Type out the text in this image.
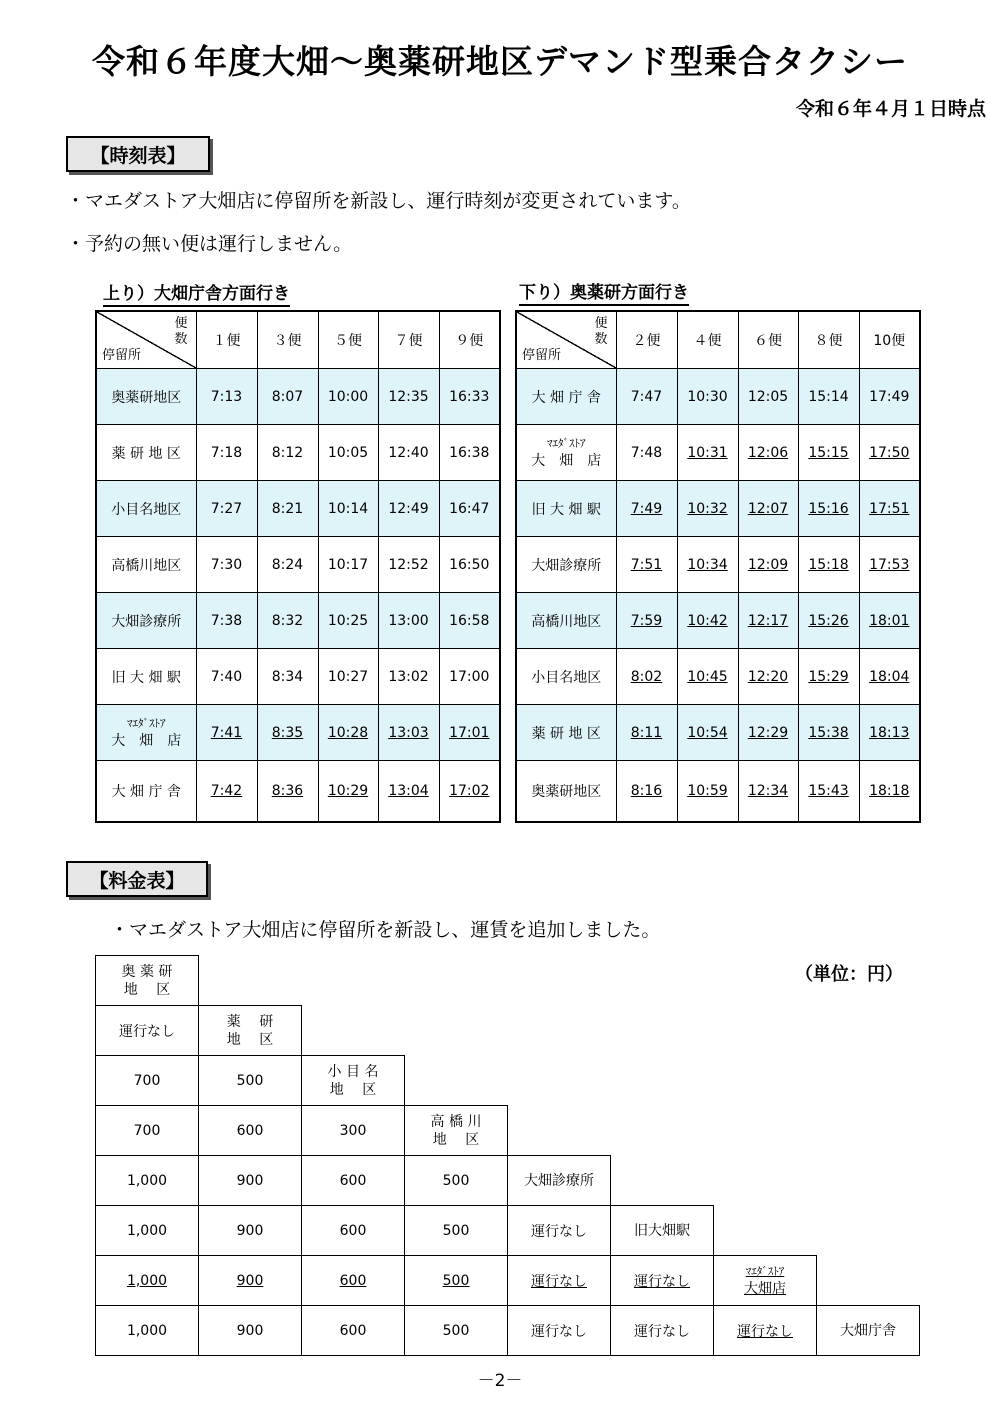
令和６年度大畑～奥薬研地区デマンド型乗合タクシー
令和６年４月１日時点
【時刻表】
・マエダストア大畑店に停留所を新設し、運行時刻が変更されています。
・予約の無い便は運行しません。
上り）大畑庁舎方面行き	下り）奥薬研方面行き
便
数
停留所	１便	３便	５便	７便	９便
奥薬研地区	7:13	8:07	10:00	12:35	16:33
薬 研 地 区	7:18	8:12	10:05	12:40	16:38
小目名地区	7:27	8:21	10:14	12:49	16:47
高橋川地区	7:30	8:24	10:17	12:52	16:50
大畑診療所	7:38	8:32	10:25	13:00	16:58
旧 大 畑 駅	7:40	8:34	10:27	13:02	17:00

ﾏｴﾀﾞｽﾄｱ
大　畑　店	7:41	8:35	10:28	13:03	17:01
大 畑 庁 舎	7:42	8:36	10:29	13:04	17:02
便
数
停留所	２便	４便	６便	８便	10便
大 畑 庁 舎	7:47	10:30	12:05	15:14	17:49

ﾏｴﾀﾞｽﾄｱ
大　畑　店	7:48	10:31	12:06	15:15	17:50
旧 大 畑 駅	7:49	10:32	12:07	15:16	17:51
大畑診療所	7:51	10:34	12:09	15:18	17:53
高橋川地区	7:59	10:42	12:17	15:26	18:01
小目名地区	8:02	10:45	12:20	15:29	18:04
薬 研 地 区	8:11	10:54	12:29	15:38	18:13
奥薬研地区	8:16	10:59	12:34	15:43	18:18
【料金表】
・マエダストア大畑店に停留所を新設し、運賃を追加しました。
（単位：円）
奥 薬 研
地　 区							

運行なし	薬　 研
地　 区						

700	500	小 目 名
地　 区					

700	600	300	高 橋 川
地　 区				

1,000	900	600	500	大畑診療所			

1,000	900	600	500	運行なし	旧大畑駅		

1,000	900	600	500	運行なし	運行なし	ﾏｴﾀﾞｽﾄｱ
大畑店	

1,000	900	600	500	運行なし	運行なし	運行なし	大畑庁舎
－2－
